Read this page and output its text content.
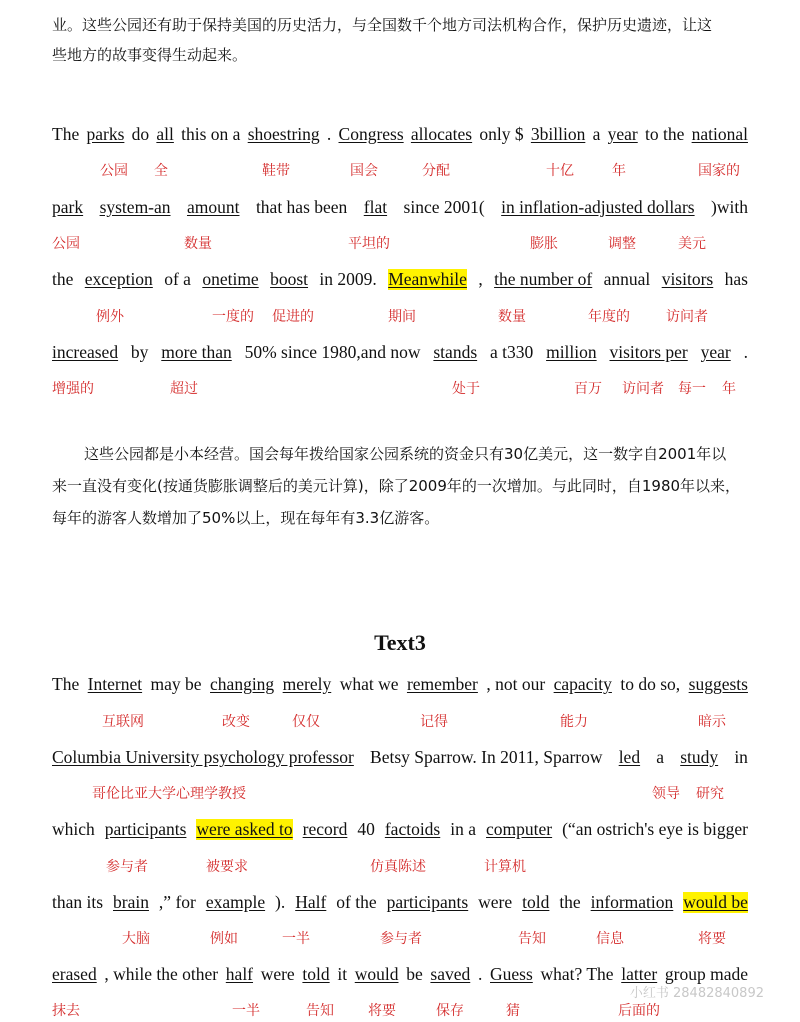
业。这些公园还有助于保持美国的历史活力，与全国数千个地方司法机构合作，保护历史遗迹，让这
些地方的故事变得生动起来。
The parks do all this on a shoestring . Congress allocates only $ 3billion a year to the national
公园 全	鞋带	国会	分配	十亿	年	国家的
park system-an amount that has been flat since 2001( in inflation-adjusted dollars )with
公园	数量	平坦的	膨胀	调整	美元
the exception of a onetime boost in 2009. Meanwhile , the number of annual visitors has
例外	一度的 促进的	期间	数量	年度的	访问者
increased by more than 50% since 1980,and now stands a t330 million visitors per year .
增强的	超过	处于	百万 访问者 每一 年
这些公园都是小本经营。国会每年拨给国家公园系统的资金只有30亿美元，这一数字自2001年以
来一直没有变化(按通货膨胀调整后的美元计算)，除了2009年的一次增加。与此同时，自1980年以来，
每年的游客人数增加了50%以上，现在每年有3.3亿游客。
Text3
The Internet may be changing merely what we remember , not our capacity to do so, suggests
互联网	改变	仅仅	记得	能力	暗示
Columbia University psychology professor Betsy Sparrow. In 2011, Sparrow led a study in
哥伦比亚大学心理学教授	领导 研究
which participants were asked to record 40 factoids in a computer (“an ostrich's eye is bigger
参与者	被要求	仿真陈述	计算机
than its brain ,” for example ). Half of the participants were told the information would be
大脑	例如	一半	参与者	告知	信息	将要
erased , while the other half were told it would be saved . Guess what? The latter group made
抹去	一半	告知 将要	保存	猜	后面的
小红书 28482840892
